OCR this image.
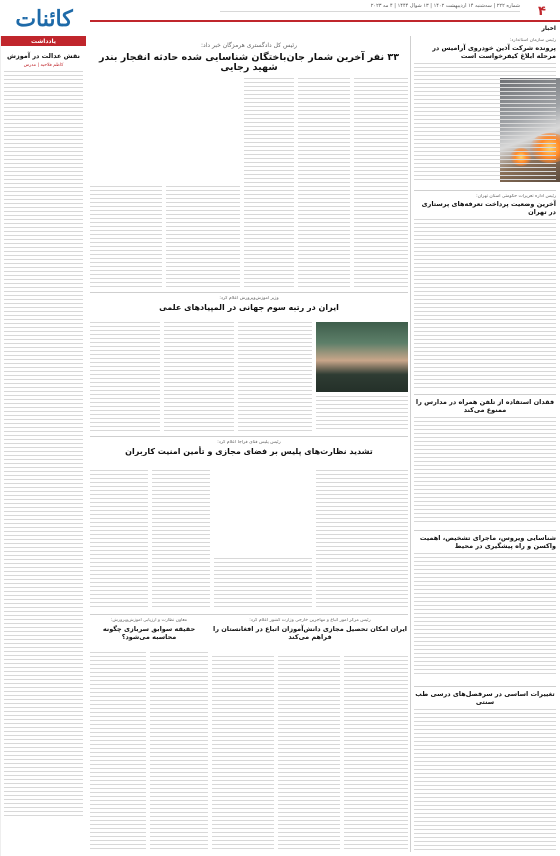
۴
شماره ۲۲۲ | سه‌شنبه ۱۴ ارديبهشت ۱۴۰۲ | ۱۳ شوال ۱۴۴۴ | ۴ مه ۲۰۲۳
اخبار
کائنات
یادداشت
نقش عدالت در آموزش
کاظم فلاحیه | مدرس
رئیس کل دادگستری هرمزگان خبر داد:
۳۳ نفر آخرین شمار جان‌باختگان شناسایی شده حادثه انفجار بندر شهید رجایی
وزیر آموزش‌وپرورش اعلام کرد:
ایران در رتبه سوم جهانی در المپیادهای علمی
رئیس پلیس فتای فراجا اعلام کرد:
تشدید نظارت‌های پلیس بر فضای مجازی و تأمین امنیت کاربران
معاون نظارت و ارزیابی آموزش‌وپرورش:
حقیقه سوابق سربازی چگونه محاسبه می‌شود؟
رئیس مرکز امور اتباع و مهاجرین خارجی وزارت کشور اعلام کرد:
ایران امکان تحصیل مجازی دانش‌آموزان اتباع در افغانستان را فراهم می‌کند
رئیس سازمان استاندارد:
پرونده شرکت آذین خودروی آرامیس در مرحله ابلاغ کیفرخواست است
رئیس اداره تعزیرات حکومتی استان تهران:
آخرین وضعیت پرداخت تعرفه‌های پرستاری در تهران
فقدان استفاده از تلفن همراه در مدارس را ممنوع می‌کند
شناسایی ویروس، ماجرای تشخیص، اهمیت واکسن و راه پیشگیری در محیط
تغییرات اساسی در سرفصل‌های درسی طب سنتی
